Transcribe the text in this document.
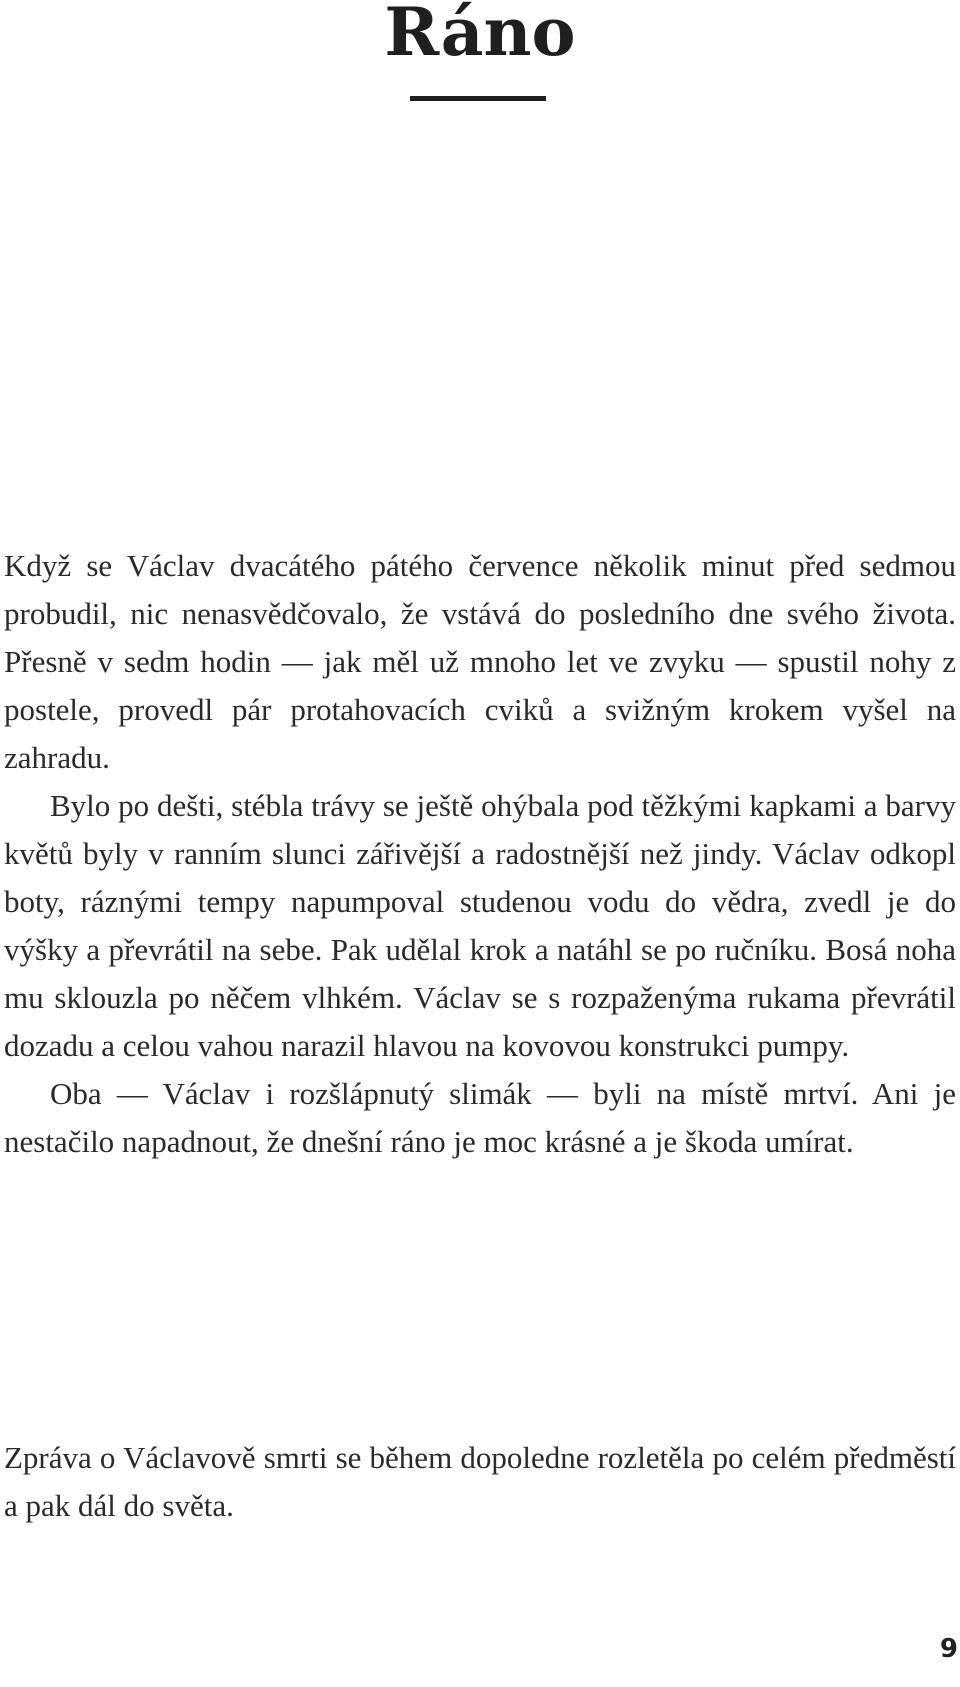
Ráno
Když se Václav dvacátého pátého července několik minut před sedmou probudil, nic nenasvědčovalo, že vstává do posledního dne svého života. Přesně v sedm hodin — jak měl už mnoho let ve zvyku — spustil nohy z postele, provedl pár protahovacích cviků a svižným krokem vyšel na zahradu.
Bylo po dešti, stébla trávy se ještě ohýbala pod těžkými kapkami a barvy květů byly v ranním slunci zářivější a radostnější než jindy. Václav odkopl boty, ráznými tempy napumpoval studenou vodu do vědra, zvedl je do výšky a převrátil na sebe. Pak udělal krok a natáhl se po ručníku. Bosá noha mu sklouzla po něčem vlhkém. Václav se s rozpaženýma rukama převrátil dozadu a celou vahou narazil hlavou na kovovou konstrukci pumpy.
Oba — Václav i rozšlápnutý slimák — byli na místě mrtví. Ani je nestačilo napadnout, že dnešní ráno je moc krásné a je škoda umírat.
Zpráva o Václavově smrti se během dopoledne rozletěla po celém předměstí a pak dál do světa.
9
